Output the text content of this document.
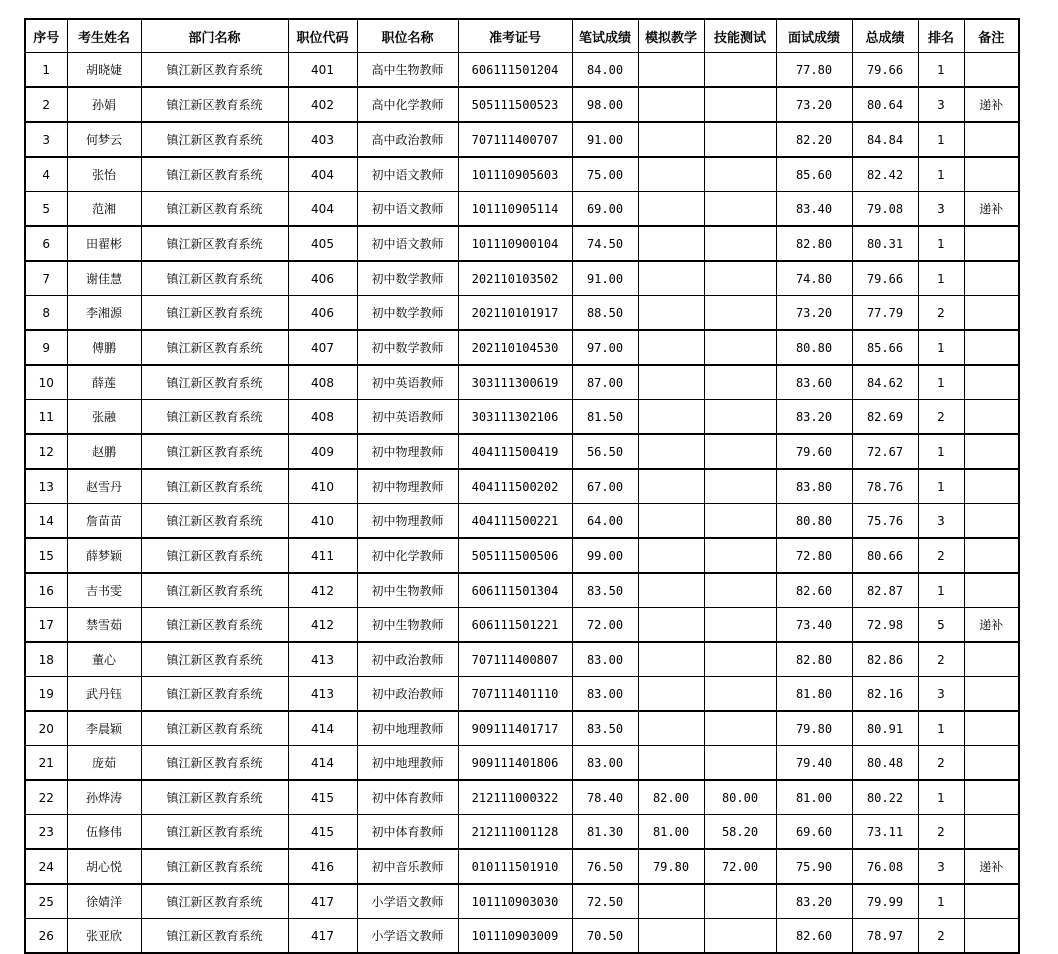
序号	考生姓名	部门名称	职位代码	职位名称	准考证号	笔试成绩	模拟教学	技能测试	面试成绩	总成绩	排名	备注
1	胡晓婕	镇江新区教育系统	401	高中生物教师	606111501204	84.00			77.80	79.66	1	
2	孙娟	镇江新区教育系统	402	高中化学教师	505111500523	98.00			73.20	80.64	3	递补
3	何梦云	镇江新区教育系统	403	高中政治教师	707111400707	91.00			82.20	84.84	1	
4	张怡	镇江新区教育系统	404	初中语文教师	101110905603	75.00			85.60	82.42	1	
5	范湘	镇江新区教育系统	404	初中语文教师	101110905114	69.00			83.40	79.08	3	递补
6	田翟彬	镇江新区教育系统	405	初中语文教师	101110900104	74.50			82.80	80.31	1	
7	谢佳慧	镇江新区教育系统	406	初中数学教师	202110103502	91.00			74.80	79.66	1	
8	李湘源	镇江新区教育系统	406	初中数学教师	202110101917	88.50			73.20	77.79	2	
9	傅鹏	镇江新区教育系统	407	初中数学教师	202110104530	97.00			80.80	85.66	1	
10	薛莲	镇江新区教育系统	408	初中英语教师	303111300619	87.00			83.60	84.62	1	
11	张融	镇江新区教育系统	408	初中英语教师	303111302106	81.50			83.20	82.69	2	
12	赵鹏	镇江新区教育系统	409	初中物理教师	404111500419	56.50			79.60	72.67	1	
13	赵雪丹	镇江新区教育系统	410	初中物理教师	404111500202	67.00			83.80	78.76	1	
14	詹苗苗	镇江新区教育系统	410	初中物理教师	404111500221	64.00			80.80	75.76	3	
15	薛梦颖	镇江新区教育系统	411	初中化学教师	505111500506	99.00			72.80	80.66	2	
16	吉书雯	镇江新区教育系统	412	初中生物教师	606111501304	83.50			82.60	82.87	1	
17	禁雪茹	镇江新区教育系统	412	初中生物教师	606111501221	72.00			73.40	72.98	5	递补
18	董心	镇江新区教育系统	413	初中政治教师	707111400807	83.00			82.80	82.86	2	
19	武丹钰	镇江新区教育系统	413	初中政治教师	707111401110	83.00			81.80	82.16	3	
20	李晨颖	镇江新区教育系统	414	初中地理教师	909111401717	83.50			79.80	80.91	1	
21	庞茹	镇江新区教育系统	414	初中地理教师	909111401806	83.00			79.40	80.48	2	
22	孙烨涛	镇江新区教育系统	415	初中体育教师	212111000322	78.40	82.00	80.00	81.00	80.22	1	
23	伍修伟	镇江新区教育系统	415	初中体育教师	212111001128	81.30	81.00	58.20	69.60	73.11	2	
24	胡心悦	镇江新区教育系统	416	初中音乐教师	010111501910	76.50	79.80	72.00	75.90	76.08	3	递补
25	徐婧洋	镇江新区教育系统	417	小学语文教师	101110903030	72.50			83.20	79.99	1	
26	张亚欣	镇江新区教育系统	417	小学语文教师	101110903009	70.50			82.60	78.97	2	
